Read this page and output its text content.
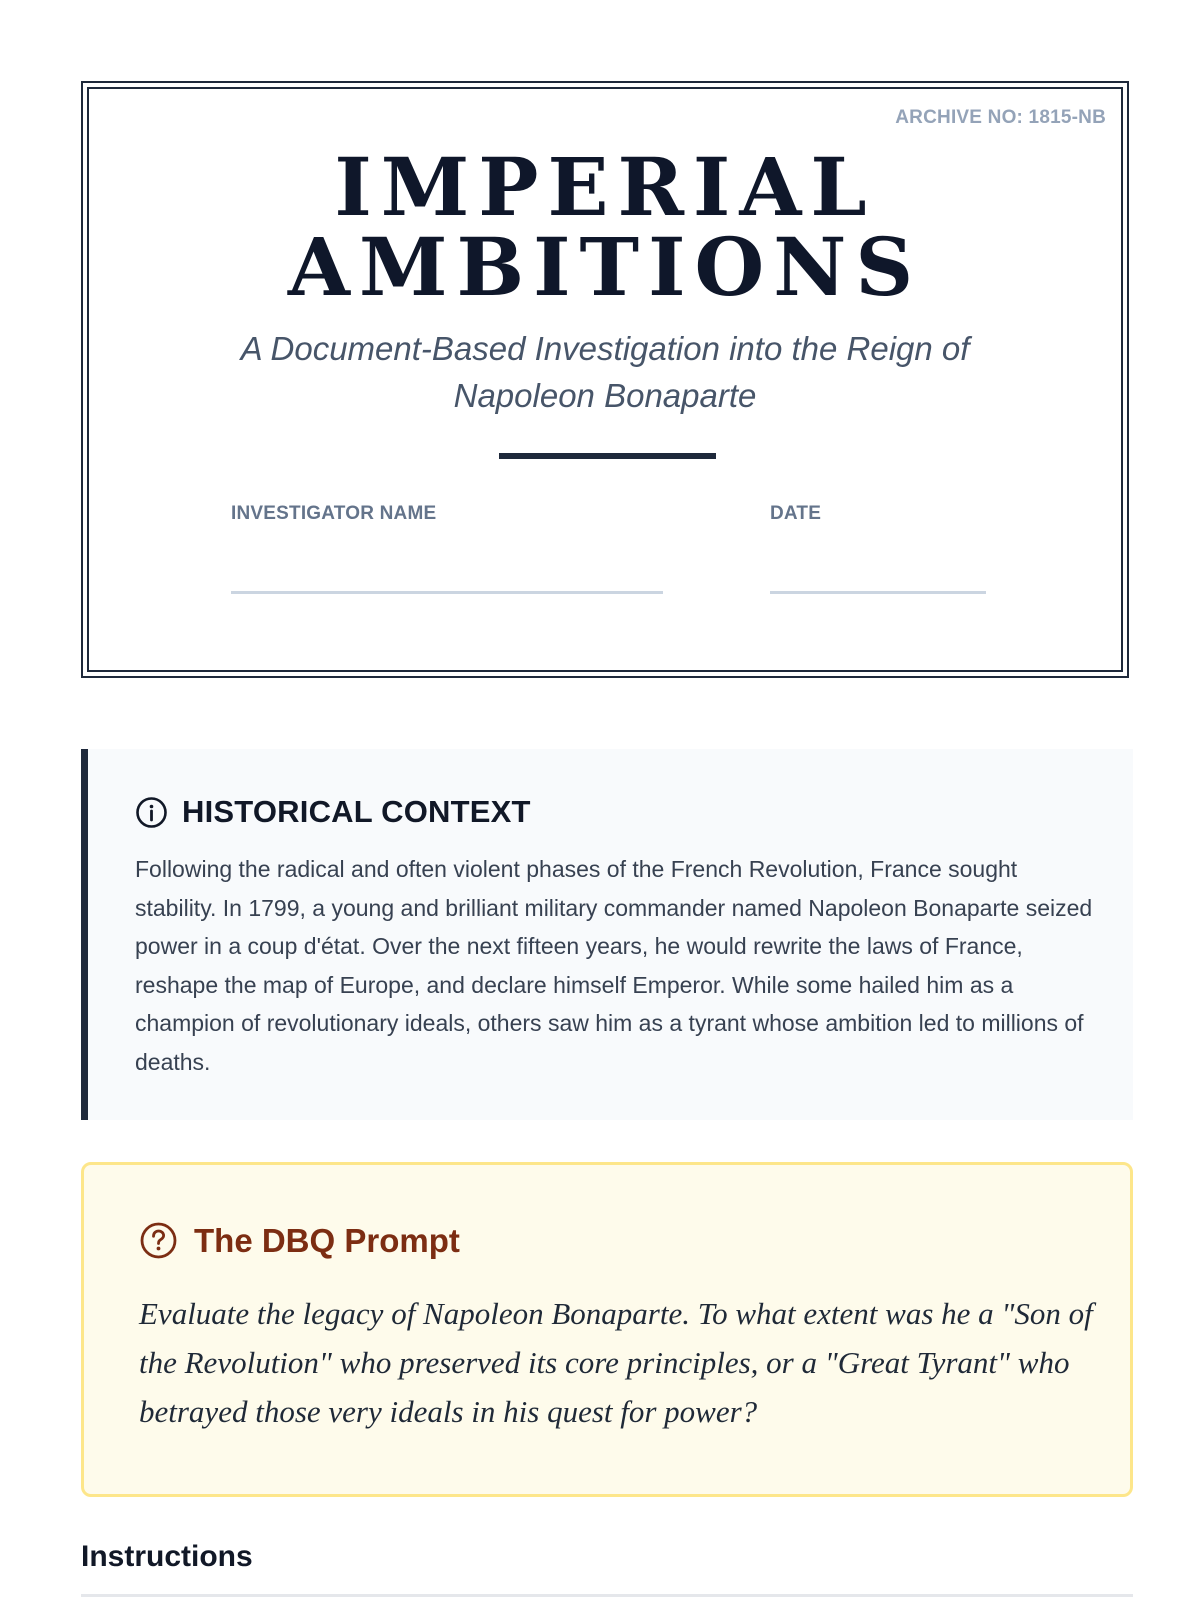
ARCHIVE NO: 1815-NB
IMPERIAL
AMBITIONS
A Document-Based Investigation into the Reign of Napoleon Bonaparte
INVESTIGATOR NAME	DATE
HISTORICAL CONTEXT

Following the radical and often violent phases of the French Revolution, France sought stability. In 1799, a young and brilliant military commander named Napoleon Bonaparte seized power in a coup d'état. Over the next fifteen years, he would rewrite the laws of France, reshape the map of Europe, and declare himself Emperor. While some hailed him as a champion of revolutionary ideals, others saw him as a tyrant whose ambition led to millions of deaths.

The DBQ Prompt

Evaluate the legacy of Napoleon Bonaparte. To what extent was he a "Son of the Revolution" who preserved its core principles, or a "Great Tyrant" who betrayed those very ideals in his quest for power?

Instructions
